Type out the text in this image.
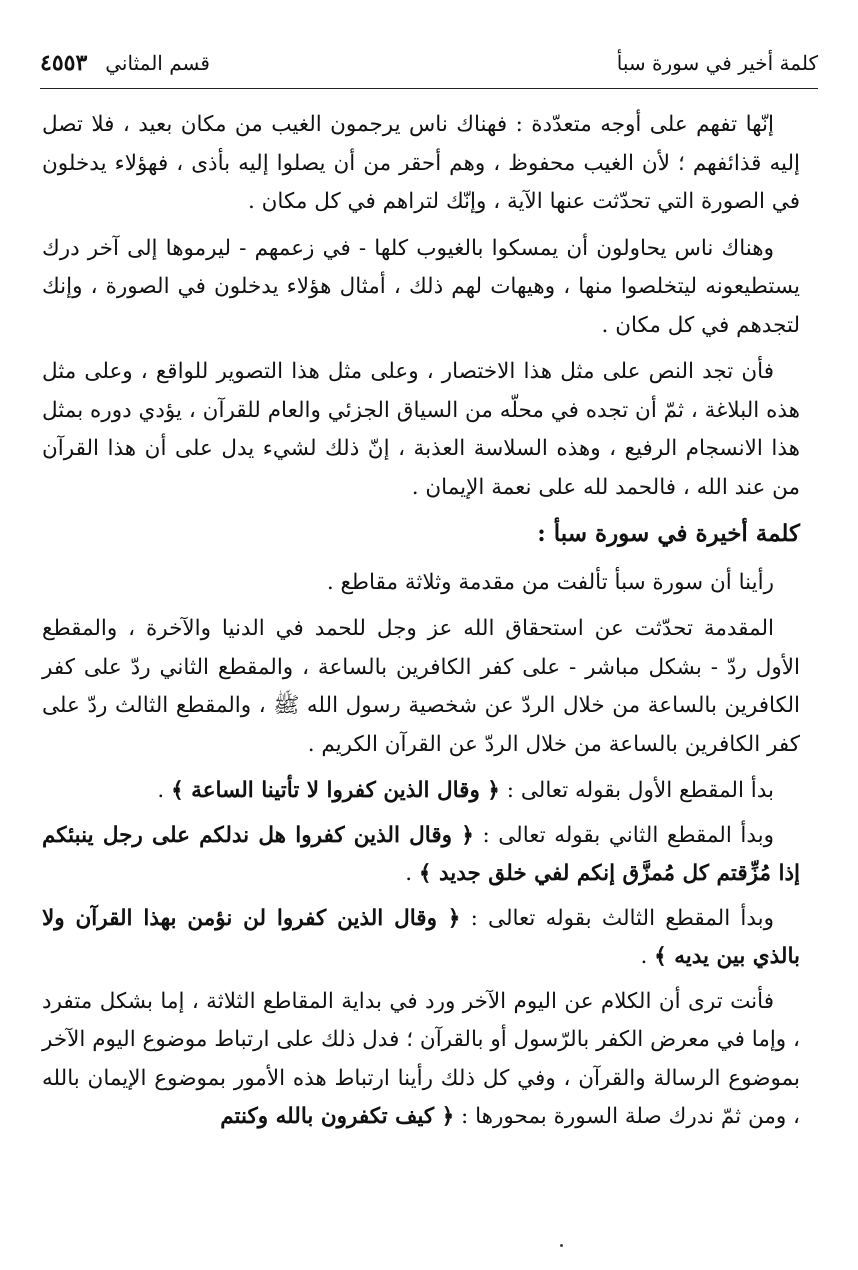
كلمة أخير في سورة سبأ
٤٥٥٣ قسم المثاني

إنّها تفهم على أوجه متعدّدة : فهناك ناس يرجمون الغيب من مكان بعيد ، فلا تصل إليه قذائفهم ؛ لأن الغيب محفوظ ، وهم أحقر من أن يصلوا إليه بأذى ، فهؤلاء يدخلون في الصورة التي تحدّثت عنها الآية ، وإنّك لتراهم في كل مكان .

وهناك ناس يحاولون أن يمسكوا بالغيوب كلها - في زعمهم - ليرموها إلى آخر درك يستطيعونه ليتخلصوا منها ، وهيهات لهم ذلك ، أمثال هؤلاء يدخلون في الصورة ، وإنك لتجدهم في كل مكان .

فأن تجد النص على مثل هذا الاختصار ، وعلى مثل هذا التصوير للواقع ، وعلى مثل هذه البلاغة ، ثمّ أن تجده في محلّه من السياق الجزئي والعام للقرآن ، يؤدي دوره بمثل هذا الانسجام الرفيع ، وهذه السلاسة العذبة ، إنّ ذلك لشيء يدل على أن هذا القرآن من عند الله ، فالحمد لله على نعمة الإيمان .

كلمة أخيرة في سورة سبأ :

رأينا أن سورة سبأ تألفت من مقدمة وثلاثة مقاطع .

المقدمة تحدّثت عن استحقاق الله عز وجل للحمد في الدنيا والآخرة ، والمقطع الأول ردّ - بشكل مباشر - على كفر الكافرين بالساعة ، والمقطع الثاني ردّ على كفر الكافرين بالساعة من خلال الردّ عن شخصية رسول الله ﷺ ، والمقطع الثالث ردّ على كفر الكافرين بالساعة من خلال الردّ عن القرآن الكريم .

بدأ المقطع الأول بقوله تعالى : ﴿ وقال الذين كفروا لا تأتينا الساعة ﴾ .

وبدأ المقطع الثاني بقوله تعالى : ﴿ وقال الذين كفروا هل ندلكم على رجل ينبئكم إذا مُزِّقتم كل مُمزَّق إنكم لفي خلق جديد ﴾ .

وبدأ المقطع الثالث بقوله تعالى : ﴿ وقال الذين كفروا لن نؤمن بهذا القرآن ولا بالذي بين يديه ﴾ .

فأنت ترى أن الكلام عن اليوم الآخر ورد في بداية المقاطع الثلاثة ، إما بشكل متفرد ، وإما في معرض الكفر بالرّسول أو بالقرآن ؛ فدل ذلك على ارتباط موضوع اليوم الآخر بموضوع الرسالة والقرآن ، وفي كل ذلك رأينا ارتباط هذه الأمور بموضوع الإيمان بالله ، ومن ثمّ ندرك صلة السورة بمحورها : ﴿ كيف تكفرون بالله وكنتم
